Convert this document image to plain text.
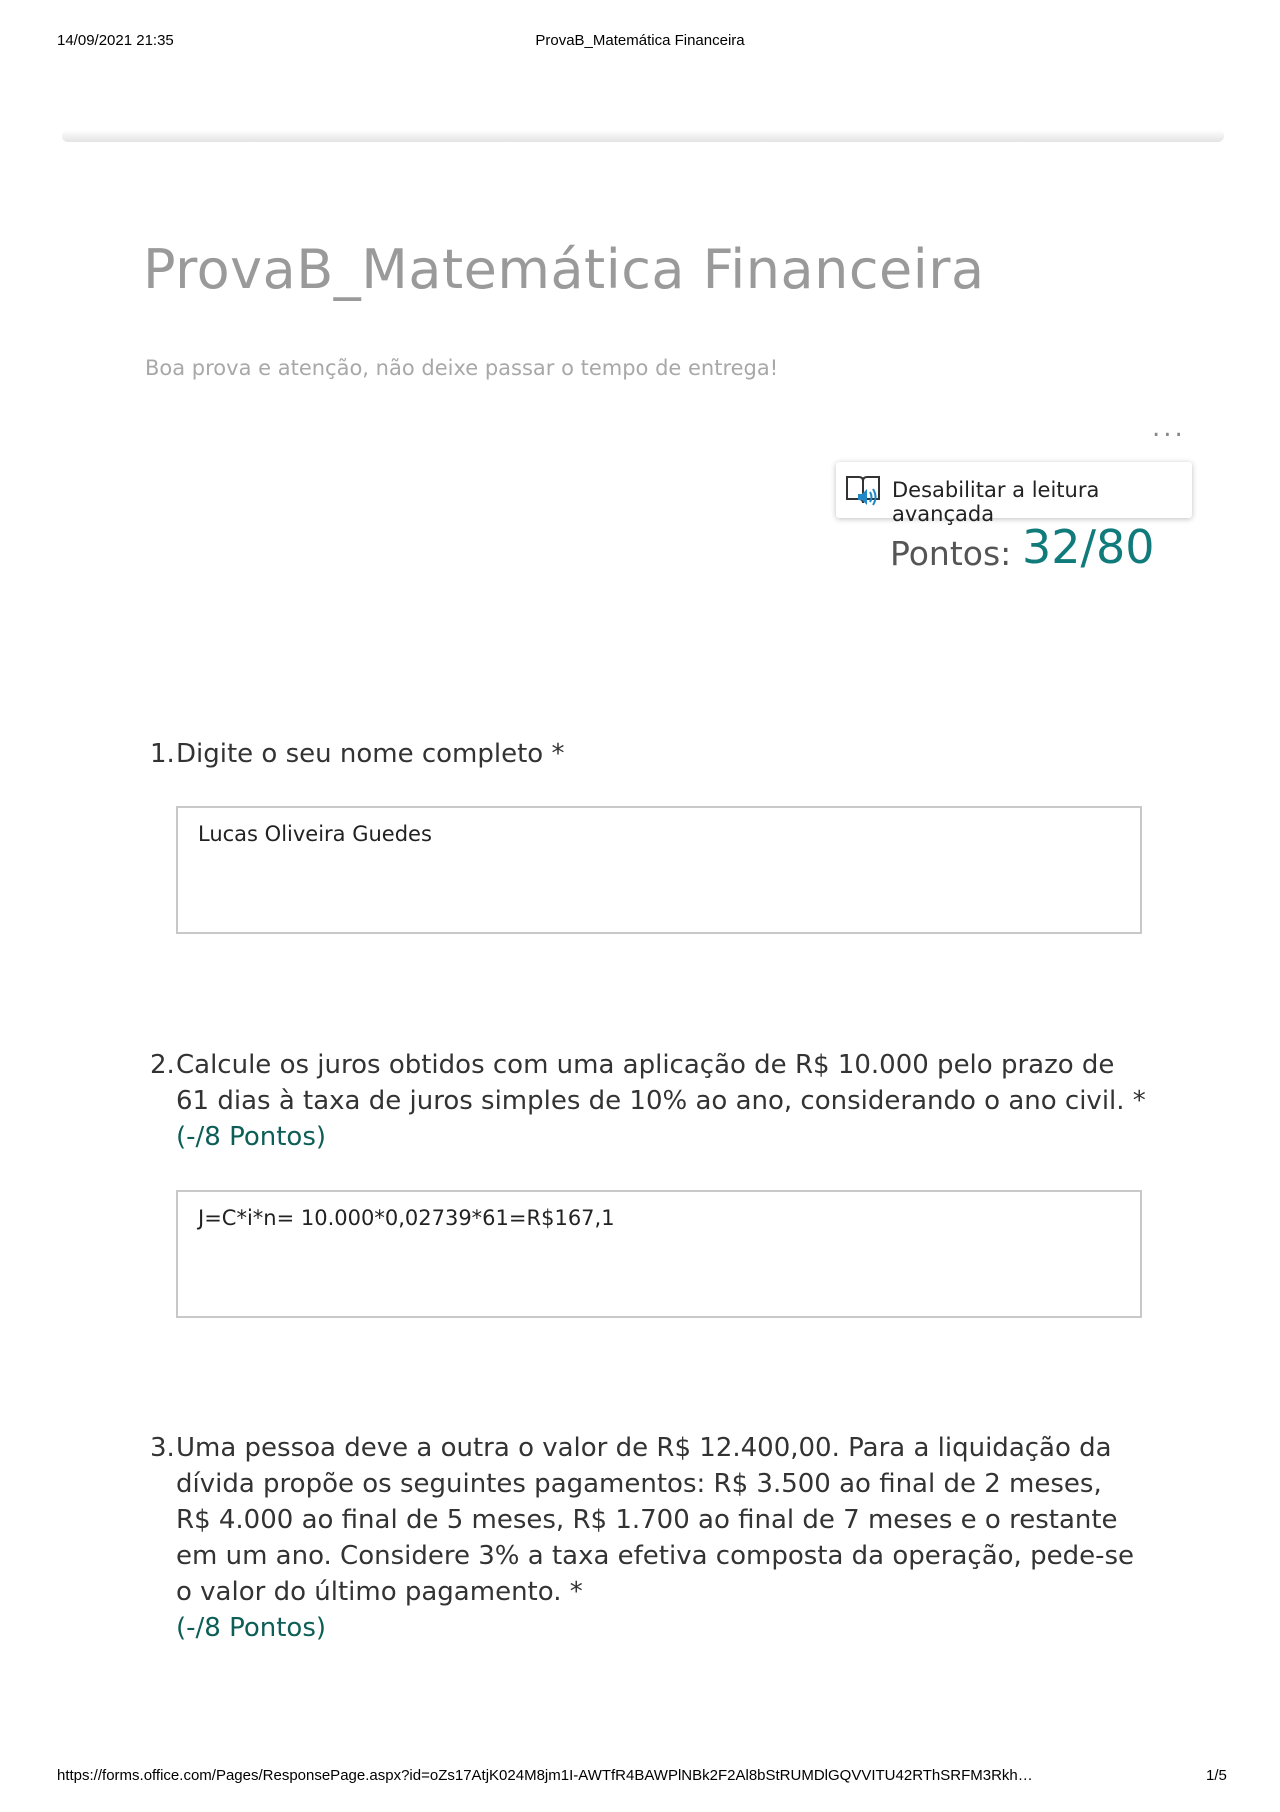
14/09/2021 21:35	ProvaB_Matemática Financeira
ProvaB_Matemática Financeira
Boa prova e atenção, não deixe passar o tempo de entrega!
...
Desabilitar a leitura avançada
Pontos: 32/80
1. Digite o seu nome completo *
Lucas Oliveira Guedes
2. Calcule os juros obtidos com uma aplicação de R$ 10.000 pelo prazo de 61 dias à taxa de juros simples de 10% ao ano, considerando o ano civil. *
(-/8 Pontos)
J=C*i*n= 10.000*0,02739*61=R$167,1
3. Uma pessoa deve a outra o valor de R$ 12.400,00. Para a liquidação da dívida propõe os seguintes pagamentos: R$ 3.500 ao final de 2 meses, R$ 4.000 ao final de 5 meses, R$ 1.700 ao final de 7 meses e o restante em um ano. Considere 3% a taxa efetiva composta da operação, pede-se o valor do último pagamento. *
(-/8 Pontos)
https://forms.office.com/Pages/ResponsePage.aspx?id=oZs17AtjK024M8jm1I-AWTfR4BAWPlNBk2F2Al8bStRUMDlGQVVITU42RThSRFM3Rkh…	1/5
